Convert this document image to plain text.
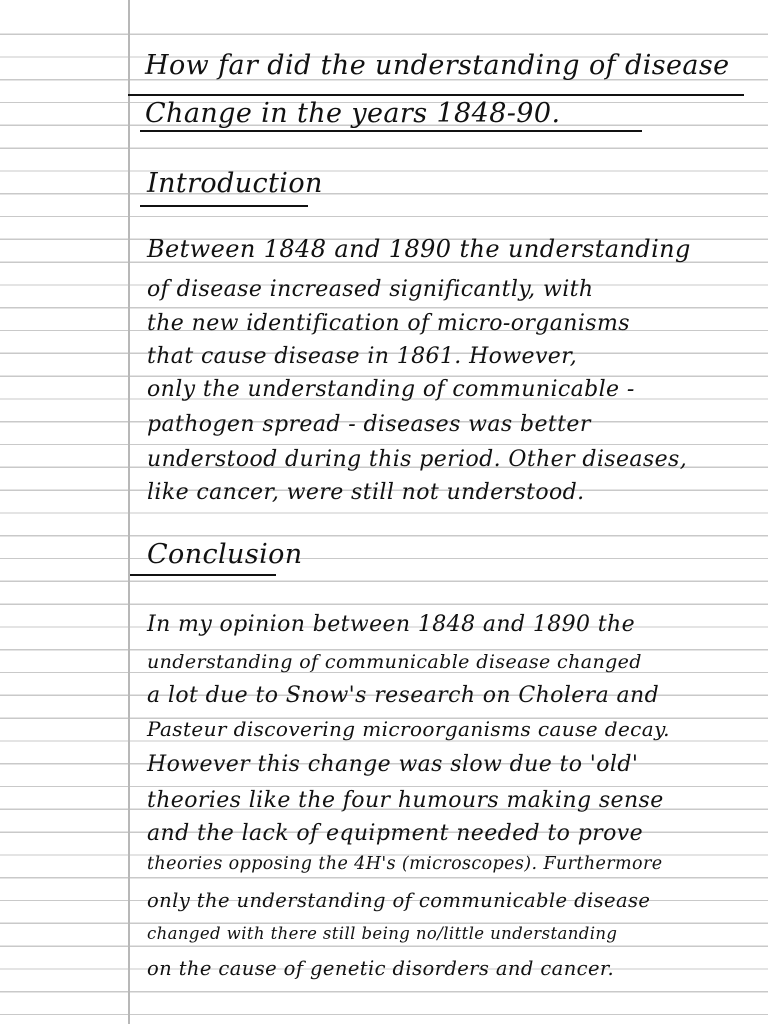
How far did the understanding of disease

Change in the years 1848-90.

Introduction

Between 1848 and 1890 the understanding

of disease increased significantly, with

the new identification of micro-organisms

that cause disease in 1861. However,

only the understanding of communicable -

pathogen spread - diseases was better

understood during this period. Other diseases,

like cancer, were still not understood.

Conclusion

In my opinion between 1848 and 1890 the

understanding of communicable disease changed

a lot due to Snow's research on Cholera and

Pasteur discovering microorganisms cause decay.

However this change was slow due to 'old'

theories like the four humours making sense

and the lack of equipment needed to prove

theories opposing the 4H's (microscopes). Furthermore

only the understanding of communicable disease

changed with there still being no/little understanding

on the cause of genetic disorders and cancer.
